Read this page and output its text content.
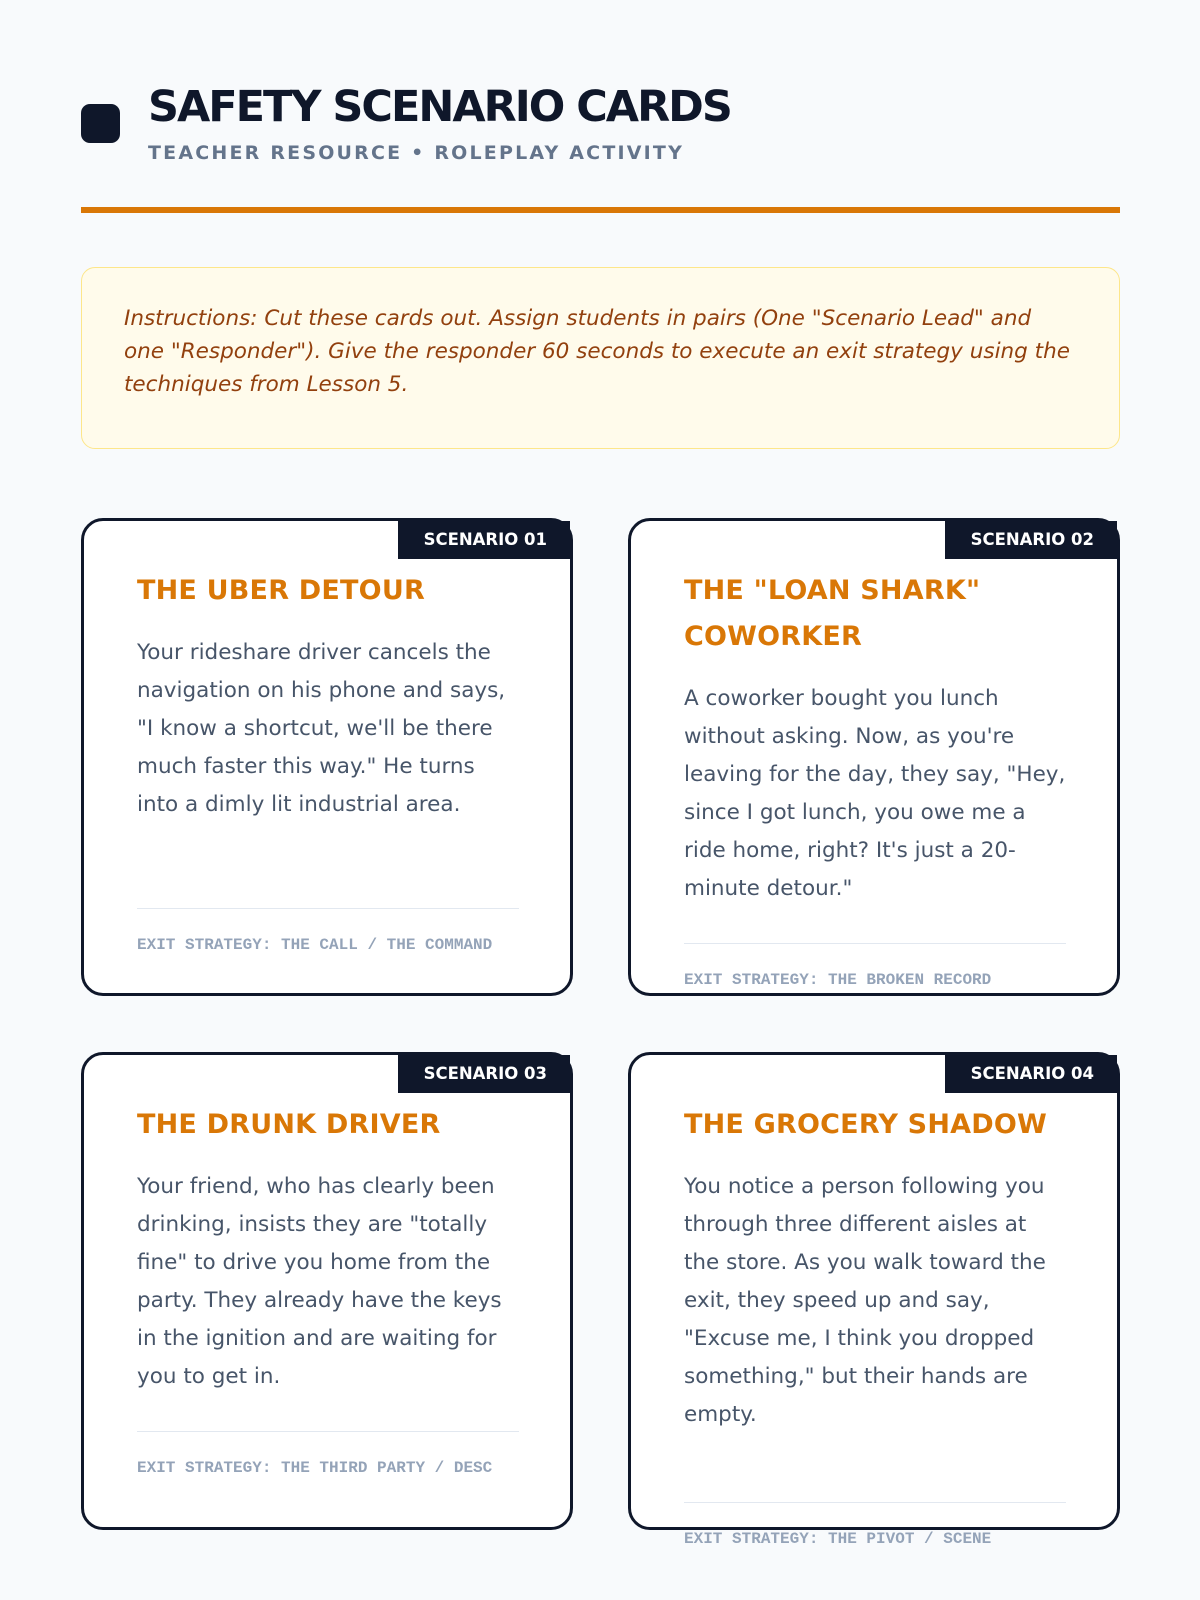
SAFETY SCENARIO CARDS
TEACHER RESOURCE • ROLEPLAY ACTIVITY
Instructions: Cut these cards out. Assign students in pairs (One "Scenario Lead" and one "Responder"). Give the responder 60 seconds to execute an exit strategy using the techniques from Lesson 5.
SCENARIO 01
THE UBER DETOUR
Your rideshare driver cancels the navigation on his phone and says, "I know a shortcut, we'll be there much faster this way." He turns into a dimly lit industrial area.
EXIT STRATEGY: THE CALL / THE COMMAND
SCENARIO 02
THE "LOAN SHARK" COWORKER
A coworker bought you lunch without asking. Now, as you're leaving for the day, they say, "Hey, since I got lunch, you owe me a ride home, right? It's just a 20-minute detour."
EXIT STRATEGY: THE BROKEN RECORD
SCENARIO 03
THE DRUNK DRIVER
Your friend, who has clearly been drinking, insists they are "totally fine" to drive you home from the party. They already have the keys in the ignition and are waiting for you to get in.
EXIT STRATEGY: THE THIRD PARTY / DESC
SCENARIO 04
THE GROCERY SHADOW
You notice a person following you through three different aisles at the store. As you walk toward the exit, they speed up and say, "Excuse me, I think you dropped something," but their hands are empty.
EXIT STRATEGY: THE PIVOT / SCENE
